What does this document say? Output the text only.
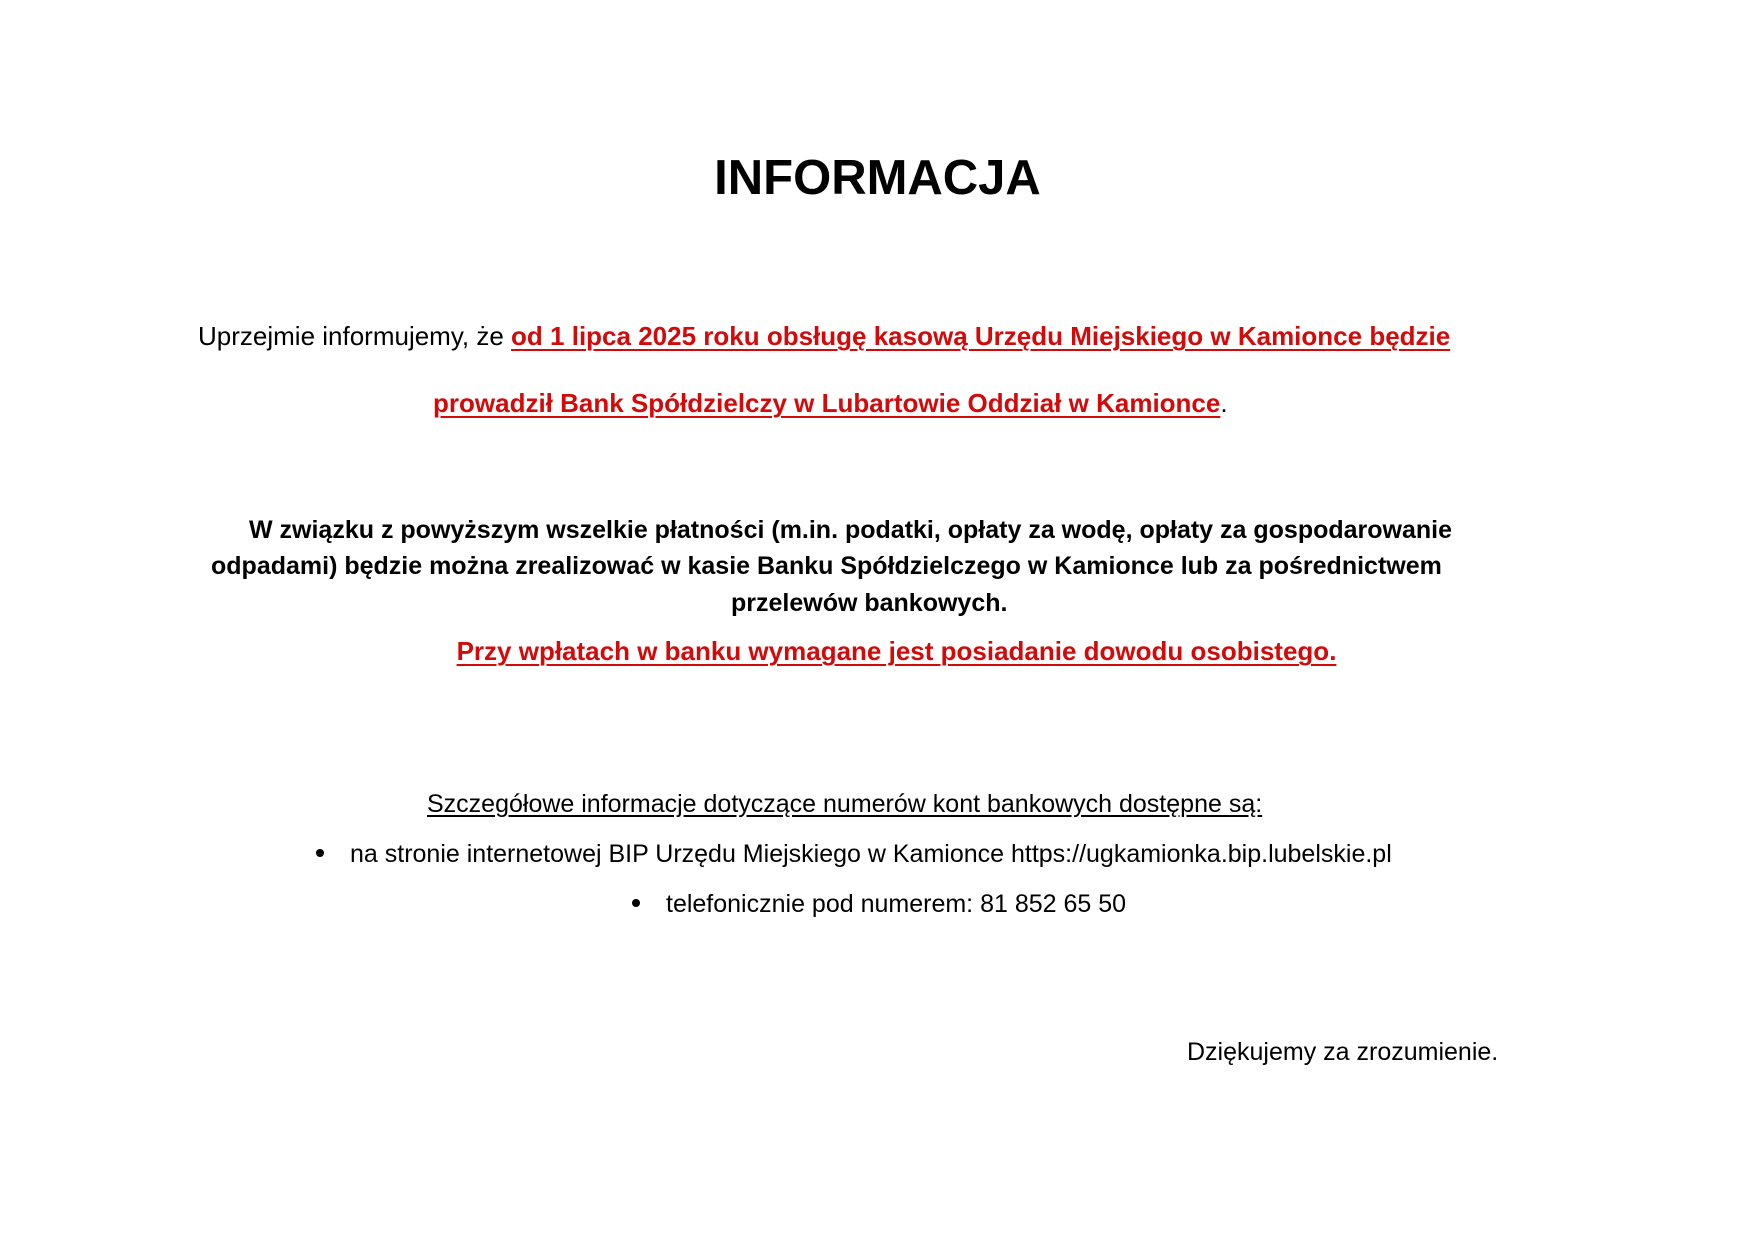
INFORMACJA
Uprzejmie informujemy, że od 1 lipca 2025 roku obsługę kasową Urzędu Miejskiego w Kamionce będzie
prowadził Bank Spółdzielczy w Lubartowie Oddział w Kamionce.
W związku z powyższym wszelkie płatności (m.in. podatki, opłaty za wodę, opłaty za gospodarowanie
odpadami) będzie można zrealizować w kasie Banku Spółdzielczego w Kamionce lub za pośrednictwem
przelewów bankowych.
Przy wpłatach w banku wymagane jest posiadanie dowodu osobistego.
Szczegółowe informacje dotyczące numerów kont bankowych dostępne są:
na stronie internetowej BIP Urzędu Miejskiego w Kamionce https://ugkamionka.bip.lubelskie.pl
telefonicznie pod numerem: 81 852 65 50
Dziękujemy za zrozumienie.
